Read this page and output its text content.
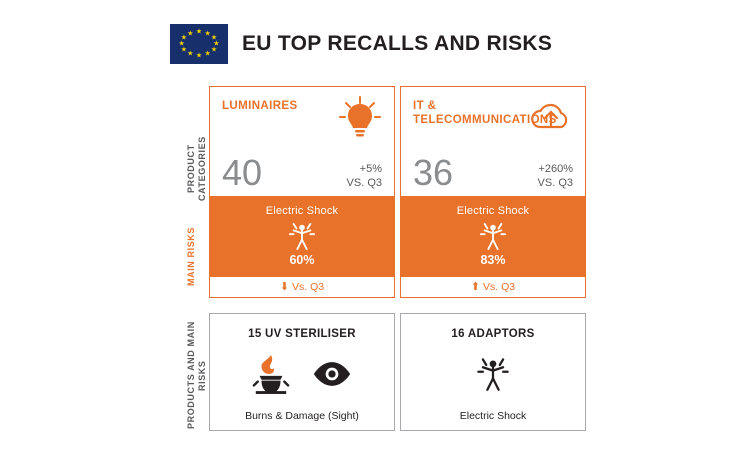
★ ★
★
★
★
★
★
★
★
★
★
★ EU TOP RECALLS AND RISKS
PRODUCT CATEGORIES
MAIN RISKS
PRODUCTS AND MAIN RISKS
LUMINAIRES
40	+5%
VS. Q3
Electric Shock
60%
⬇ Vs. Q3
IT & TELECOMMUNICATIONS
36	+260%
VS. Q3
Electric Shock
83%
⬆ Vs. Q3
15 UV STERILISER
Burns & Damage (Sight)
16 ADAPTORS
Electric Shock
